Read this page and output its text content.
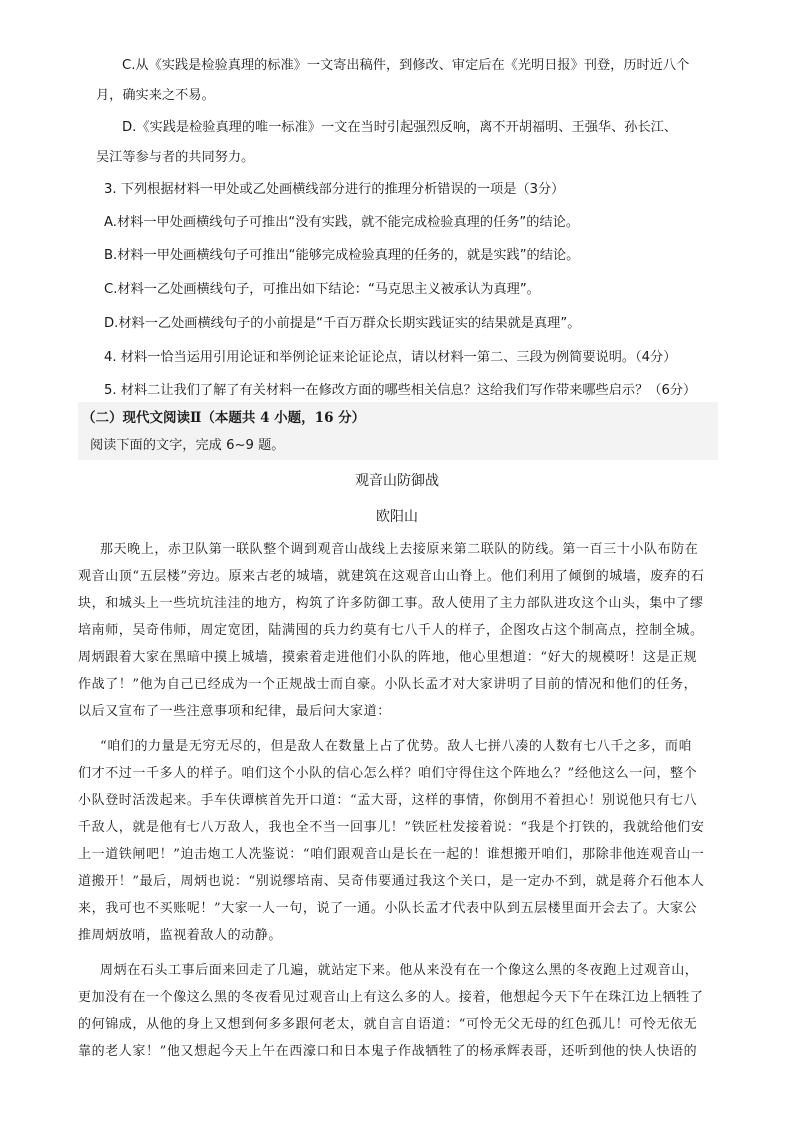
C.从《实践是检验真理的标准》一文寄出稿件，到修改、审定后在《光明日报》刊登，历时近八个
月，确实来之不易。
D.《实践是检验真理的唯一标准》一文在当时引起强烈反响，离不开胡福明、王强华、孙长江、
吴江等参与者的共同努力。
3. 下列根据材料一甲处或乙处画横线部分进行的推理分析错误的一项是（3分）
A.材料一甲处画横线句子可推出“没有实践，就不能完成检验真理的任务”的结论。
B.材料一甲处画横线句子可推出“能够完成检验真理的任务的，就是实践”的结论。
C.材料一乙处画横线句子，可推出如下结论：“马克思主义被承认为真理”。
D.材料一乙处画横线句子的小前提是“千百万群众长期实践证实的结果就是真理”。
4. 材料一恰当运用引用论证和举例论证来论证论点，请以材料一第二、三段为例简要说明。（4分）
5. 材料二让我们了解了有关材料一在修改方面的哪些相关信息？这给我们写作带来哪些启示？（6分）
（二）现代文阅读Ⅱ（本题共 4 小题，16 分）
阅读下面的文字，完成 6~9 题。
观音山防御战
欧阳山
那天晚上，赤卫队第一联队整个调到观音山战线上去接原来第二联队的防线。第一百三十小队布防在
观音山顶“五层楼”旁边。原来古老的城墙，就建筑在这观音山山脊上。他们利用了倾倒的城墙，废弃的石
块，和城头上一些坑坑洼洼的地方，构筑了许多防御工事。敌人使用了主力部队进攻这个山头，集中了缪
培南师，吴奇伟师，周定宽团，陆满囤的兵力约莫有七八千人的样子，企图攻占这个制高点，控制全城。
周炳跟着大家在黑暗中摸上城墙，摸索着走进他们小队的阵地，他心里想道：“好大的规模呀！这是正规
作战了！”他为自己已经成为一个正规战士而自豪。小队长孟才对大家讲明了目前的情况和他们的任务，
以后又宣布了一些注意事项和纪律，最后问大家道：
“咱们的力量是无穷无尽的，但是敌人在数量上占了优势。敌人七拼八凑的人数有七八千之多，而咱
们才不过一千多人的样子。咱们这个小队的信心怎么样？咱们守得住这个阵地么？”经他这么一问，整个
小队登时活泼起来。手车伕谭槟首先开口道：“孟大哥，这样的事情，你倒用不着担心！别说他只有七八
千敌人，就是他有七八万敌人，我也全不当一回事儿！”铁匠杜发接着说：“我是个打铁的，我就给他们安
上一道铁闸吧！”迫击炮工人冼鉴说：“咱们跟观音山是长在一起的！谁想搬开咱们，那除非他连观音山一
道搬开！”最后，周炳也说：“别说缪培南、吴奇伟要通过我这个关口，是一定办不到，就是蒋介石他本人
来，我可也不买账呢！”大家一人一句，说了一通。小队长孟才代表中队到五层楼里面开会去了。大家公
推周炳放哨，监视着敌人的动静。
周炳在石头工事后面来回走了几遍，就站定下来。他从来没有在一个像这么黑的冬夜跑上过观音山，
更加没有在一个像这么黑的冬夜看见过观音山上有这么多的人。接着，他想起今天下午在珠江边上牺牲了
的何锦成，从他的身上又想到何多多跟何老太，就自言自语道：“可怜无父无母的红色孤儿！可怜无依无
靠的老人家！”他又想起今天上午在西濠口和日本鬼子作战牺牲了的杨承辉表哥，还听到他的快人快语的
